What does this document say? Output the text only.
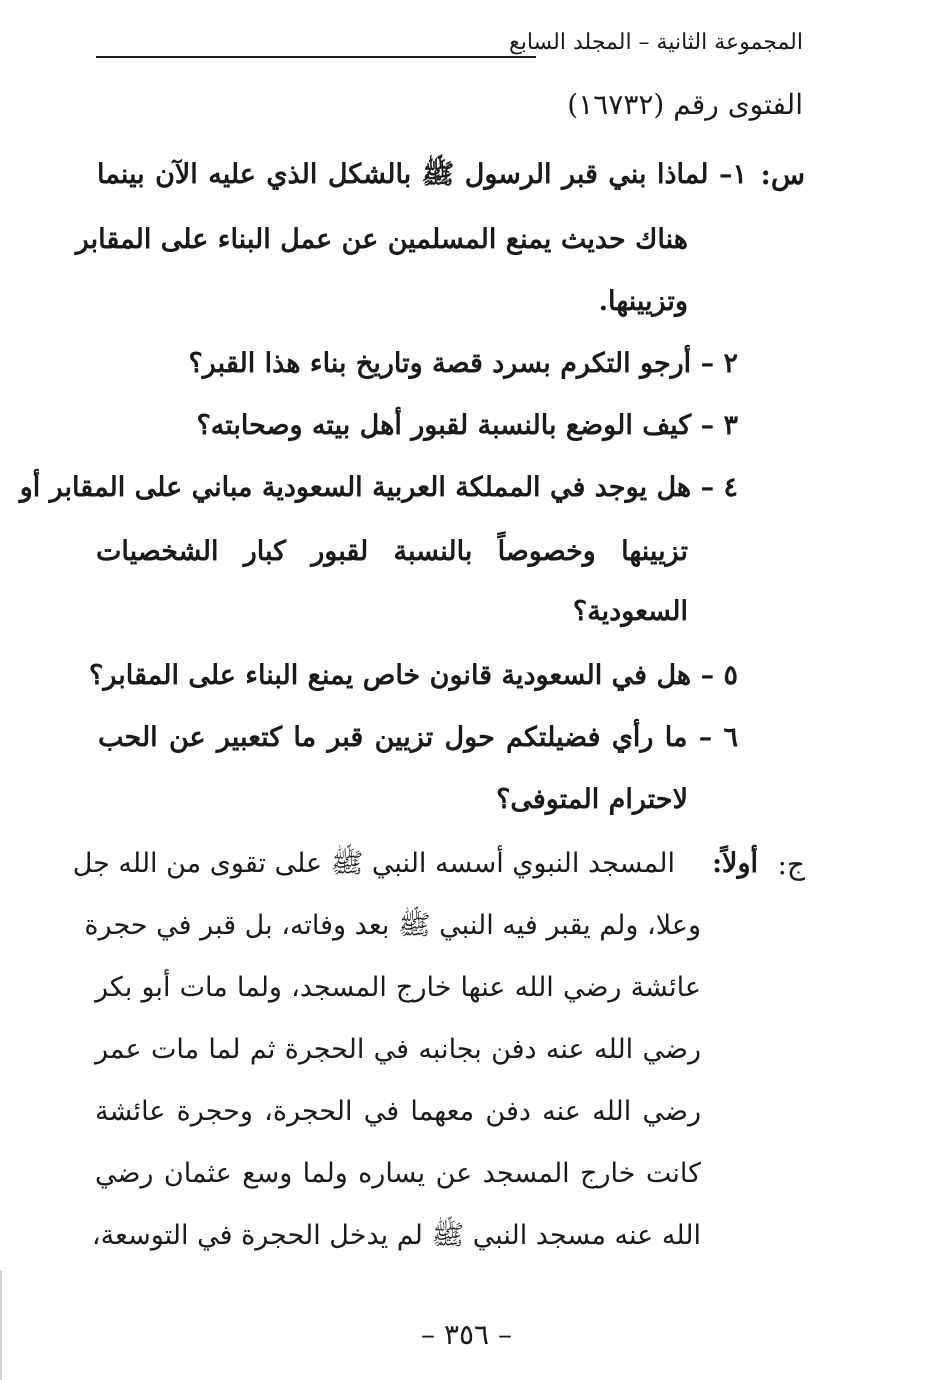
المجموعة الثانية – المجلد السابع
الفتوى رقم (١٦٧٣٢)
س:
١– لماذا بني قبر الرسول ﷺ بالشكل الذي عليه الآن بينما
هناك حديث يمنع المسلمين عن عمل البناء على المقابر
وتزيينها.
٢ – أرجو التكرم بسرد قصة وتاريخ بناء هذا القبر؟
٣ – كيف الوضع بالنسبة لقبور أهل بيته وصحابته؟
٤ – هل يوجد في المملكة العربية السعودية مباني على المقابر أو
تزيينها وخصوصاً بالنسبة لقبور كبار الشخصيات
السعودية؟
٥ – هل في السعودية قانون خاص يمنع البناء على المقابر؟
٦ – ما رأي فضيلتكم حول تزيين قبر ما كتعبير عن الحب
لاحترام المتوفى؟
ج:
أولاً:
المسجد النبوي أسسه النبي ﷺ على تقوى من الله جل
وعلا، ولم يقبر فيه النبي ﷺ بعد وفاته، بل قبر في حجرة
عائشة رضي الله عنها خارج المسجد، ولما مات أبو بكر
رضي الله عنه دفن بجانبه في الحجرة ثم لما مات عمر
رضي الله عنه دفن معهما في الحجرة، وحجرة عائشة
كانت خارج المسجد عن يساره ولما وسع عثمان رضي
الله عنه مسجد النبي ﷺ لم يدخل الحجرة في التوسعة،
– ٣٥٦ –
